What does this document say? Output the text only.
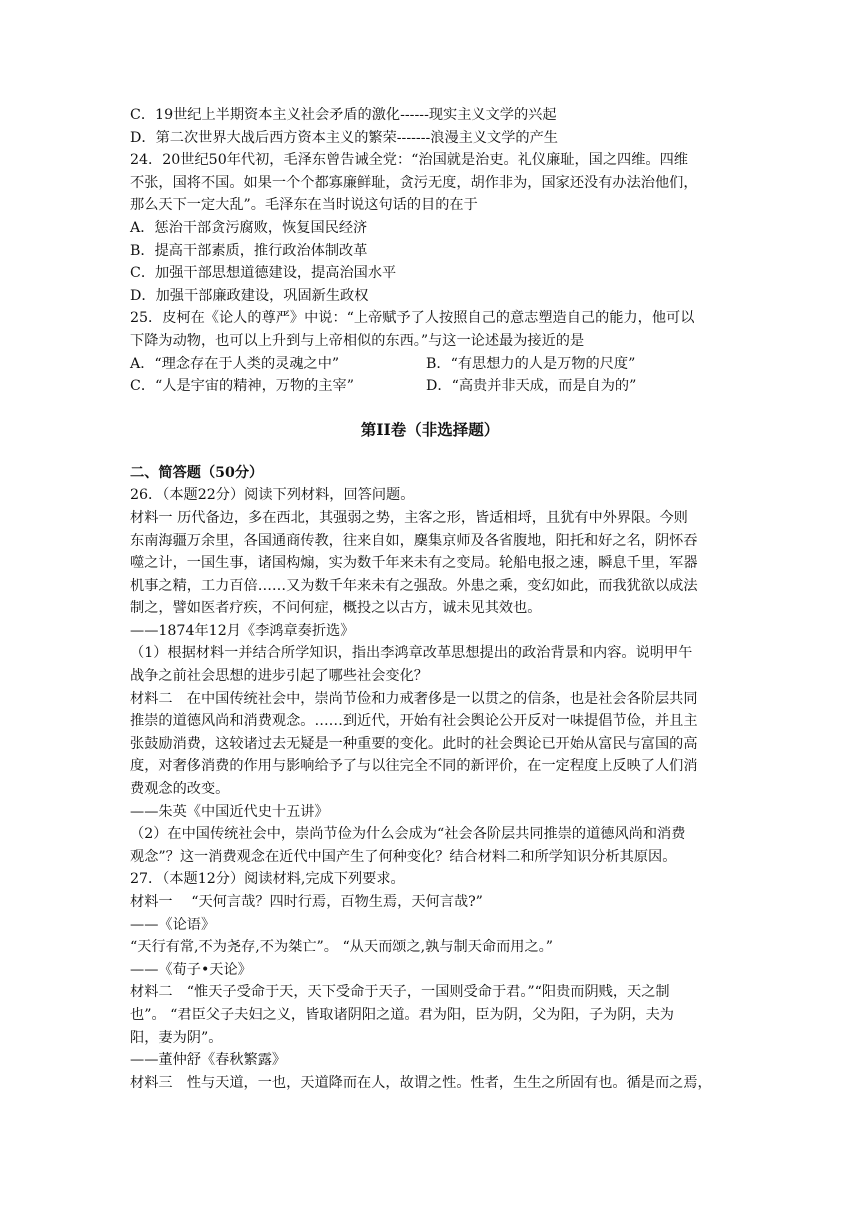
C．19世纪上半期资本主义社会矛盾的激化------现实主义文学的兴起

D．第二次世界大战后西方资本主义的繁荣-------浪漫主义文学的产生

24．20世纪50年代初，毛泽东曾告诫全党：“治国就是治吏。礼仪廉耻，国之四维。四维

不张，国将不国。如果一个个都寡廉鲜耻，贪污无度，胡作非为，国家还没有办法治他们，

那么天下一定大乱”。毛泽东在当时说这句话的目的在于

A．惩治干部贪污腐败，恢复国民经济

B．提高干部素质，推行政治体制改革

C．加强干部思想道德建设，提高治国水平

D．加强干部廉政建设，巩固新生政权

25．皮柯在《论人的尊严》中说：“上帝赋予了人按照自己的意志塑造自己的能力，他可以

下降为动物，也可以上升到与上帝相似的东西。”与这一论述最为接近的是

A．“理念存在于人类的灵魂之中”	B．“有思想力的人是万物的尺度”
C．“人是宇宙的精神，万物的主宰”	D．“高贵并非天成，而是自为的”
第II卷（非选择题）

二、简答题（50分）

26．（本题22分）阅读下列材料，回答问题。

材料一 历代备边，多在西北，其强弱之势，主客之形，皆适相埒，且犹有中外界限。今则

东南海疆万余里，各国通商传教，往来自如，麇集京师及各省腹地，阳托和好之名，阴怀吞

噬之计，一国生事，诸国构煽，实为数千年来未有之变局。轮船电报之速，瞬息千里，军器

机事之精，工力百倍……又为数千年来未有之强敌。外患之乘，变幻如此，而我犹欲以成法

制之，譬如医者疗疾，不问何症，概投之以古方，诚未见其效也。

——1874年12月《李鸿章奏折选》

（1）根据材料一并结合所学知识，指出李鸿章改革思想提出的政治背景和内容。说明甲午

战争之前社会思想的进步引起了哪些社会变化？

材料二　在中国传统社会中，崇尚节俭和力戒奢侈是一以贯之的信条，也是社会各阶层共同

推崇的道德风尚和消费观念。……到近代，开始有社会舆论公开反对一味提倡节俭，并且主

张鼓励消费，这较诸过去无疑是一种重要的变化。此时的社会舆论已开始从富民与富国的高

度，对奢侈消费的作用与影响给予了与以往完全不同的新评价，在一定程度上反映了人们消

费观念的改变。

——朱英《中国近代史十五讲》

（2）在中国传统社会中，崇尚节俭为什么会成为“社会各阶层共同推崇的道德风尚和消费

观念”？这一消费观念在近代中国产生了何种变化？结合材料二和所学知识分析其原因。

27．（本题12分）阅读材料,完成下列要求。

材料一　 “天何言哉？四时行焉，百物生焉，天何言哉?”

——《论语》

“天行有常,不为尧存,不为桀亡”。 “从天而颂之,孰与制天命而用之。”

——《荀子•天论》

材料二　“惟天子受命于天，天下受命于天子，一国则受命于君。”“阳贵而阴贱，天之制

也”。 “君臣父子夫妇之义，皆取诸阴阳之道。君为阳，臣为阴，父为阳，子为阴，夫为

阳，妻为阴”。

——董仲舒《春秋繁露》

材料三　性与天道，一也，天道降而在人，故谓之性。性者，生生之所固有也。循是而之焉，
